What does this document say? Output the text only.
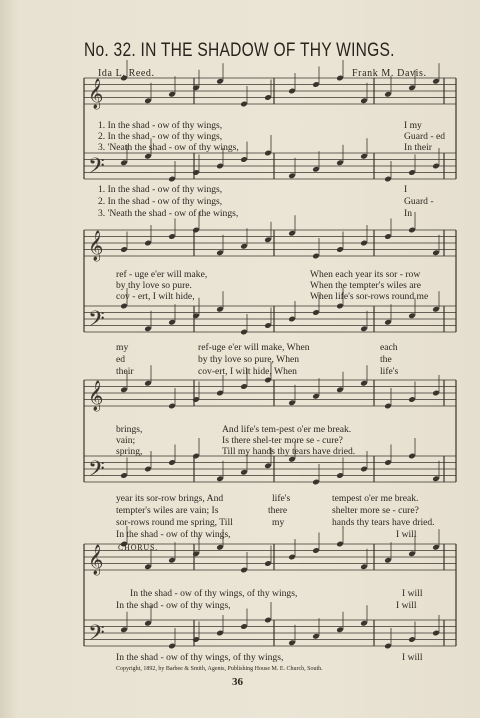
𝄞
𝄢
𝄞
𝄢
𝄞
𝄢
𝄞
𝄢
No. 32. IN THE SHADOW OF THY WINGS.
Ida L. Reed.	Frank M. Davis.
1. In the shad - ow of thy wings,	I my
2. In the shad - ow of thy wings,	Guard - ed
3. 'Neath the shad - ow of thy wings,	In their
1. In the shad - ow of thy wings,	I
2. In the shad - ow of thy wings,	Guard -
3. 'Neath the shad - ow of the wings,	In
ref - uge e'er will make,	When each year its sor - row
by thy love so pure.	When the tempter's wiles are
cov - ert, I wilt hide,	When life's sor-rows round me
my	ref-uge e'er will make, When	each
ed	by thy love so pure, When	the
their	cov-ert, I wilt hide, When	life's
brings,	And life's tem-pest o'er me break.
vain;	Is there shel-ter more se - cure?
spring,	Till my hands thy tears have dried.
year its sor-row brings, And	life's	tempest o'er me break.
tempter's wiles are vain; Is	there	shelter more se - cure?
sor-rows round me spring, Till	my	hands thy tears have dried.
In the shad - ow of thy wings,	I will
CHORUS.
In the shad - ow of thy wings, of thy wings,	I will
In the shad - ow of thy wings,	I will
In the shad - ow of thy wings, of thy wings,	I will
Copyright, 1892, by Barbee & Smith, Agents, Publishing House M. E. Church, South.
36
